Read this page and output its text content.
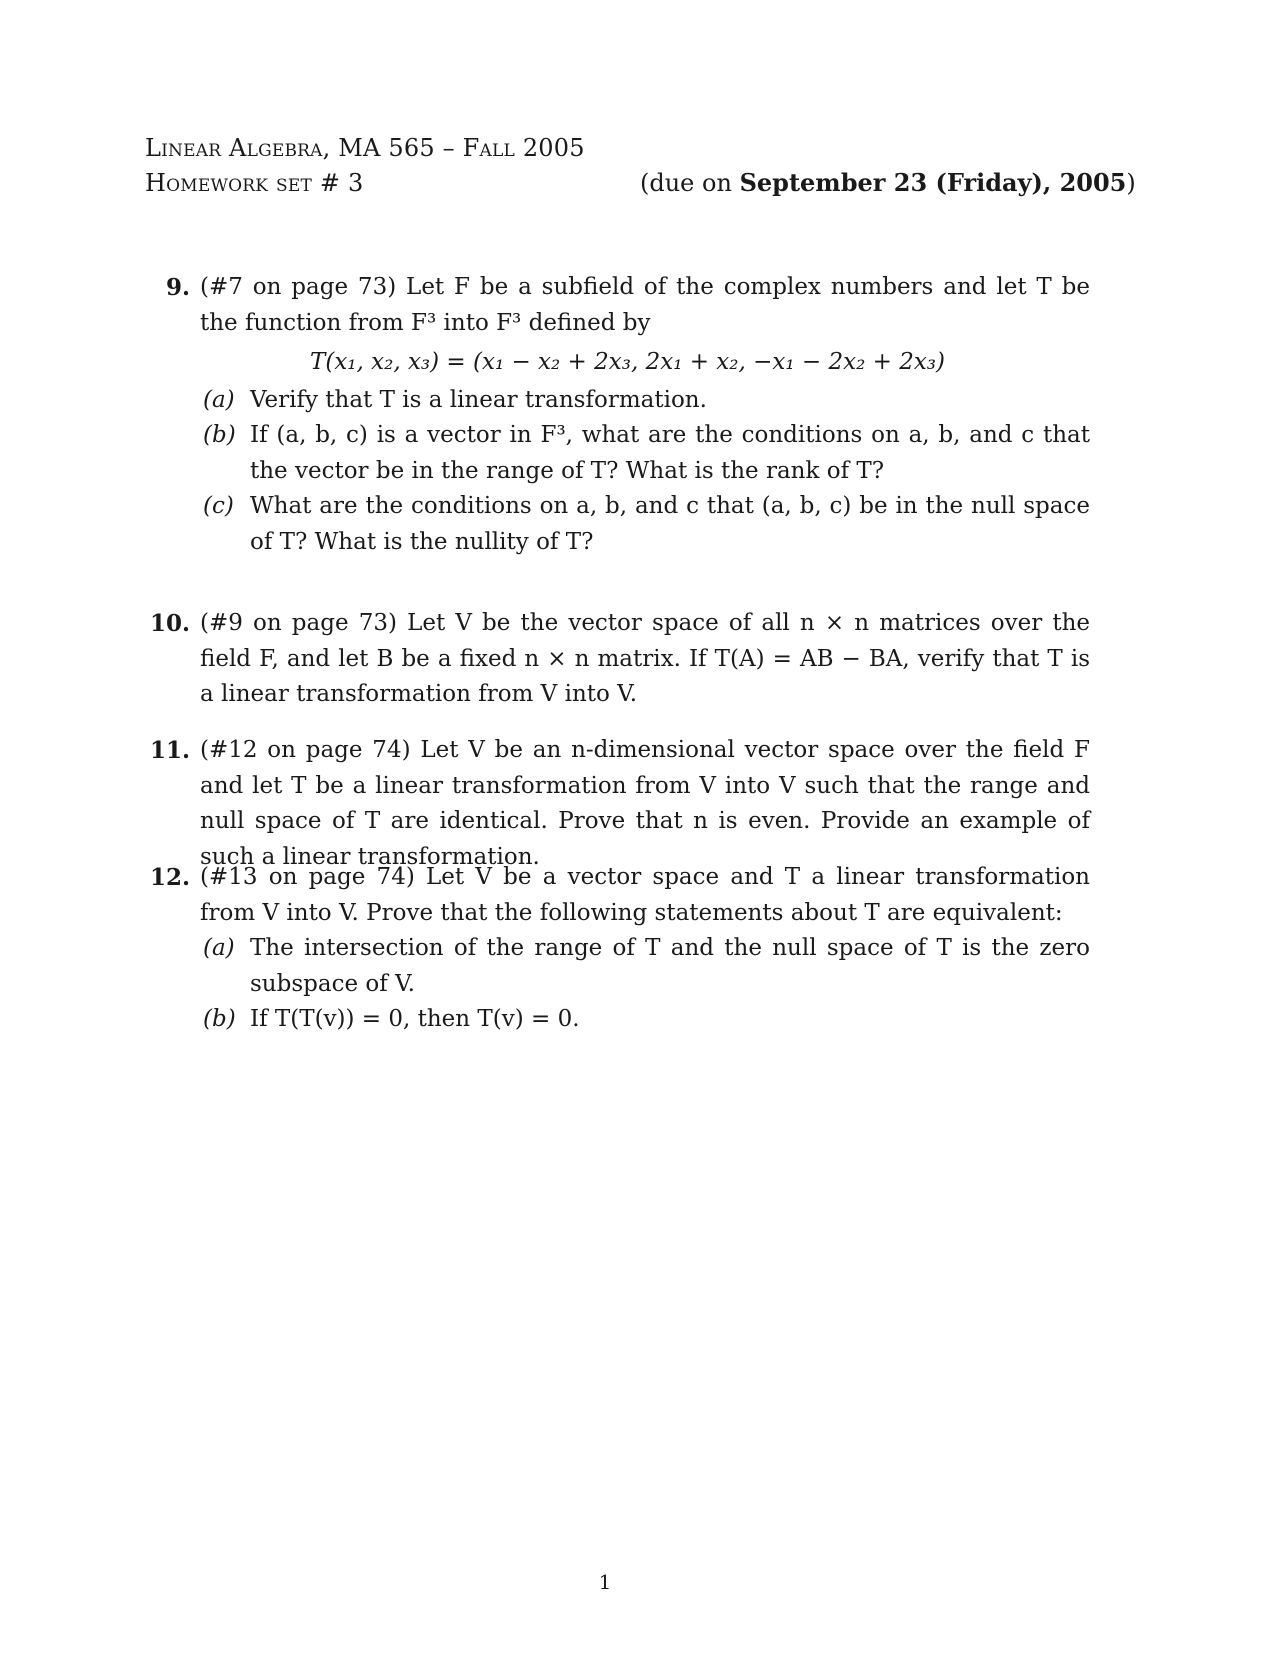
Linear Algebra, MA 565 – Fall 2005
Homework set # 3	(due on September 23 (Friday), 2005)
9. (#7 on page 73) Let F be a subfield of the complex numbers and let T be the function from F³ into F³ defined by
T(x₁, x₂, x₃) = (x₁ − x₂ + 2x₃, 2x₁ + x₂, −x₁ − 2x₂ + 2x₃)
(a) Verify that T is a linear transformation.
(b) If (a, b, c) is a vector in F³, what are the conditions on a, b, and c that the vector be in the range of T? What is the rank of T?
(c) What are the conditions on a, b, and c that (a, b, c) be in the null space of T? What is the nullity of T?
10. (#9 on page 73) Let V be the vector space of all n × n matrices over the field F, and let B be a fixed n × n matrix. If T(A) = AB − BA, verify that T is a linear transformation from V into V.
11. (#12 on page 74) Let V be an n-dimensional vector space over the field F and let T be a linear transformation from V into V such that the range and null space of T are identical. Prove that n is even. Provide an example of such a linear transformation.
12. (#13 on page 74) Let V be a vector space and T a linear transformation from V into V. Prove that the following statements about T are equivalent:
(a) The intersection of the range of T and the null space of T is the zero subspace of V.
(b) If T(T(v)) = 0, then T(v) = 0.
1
